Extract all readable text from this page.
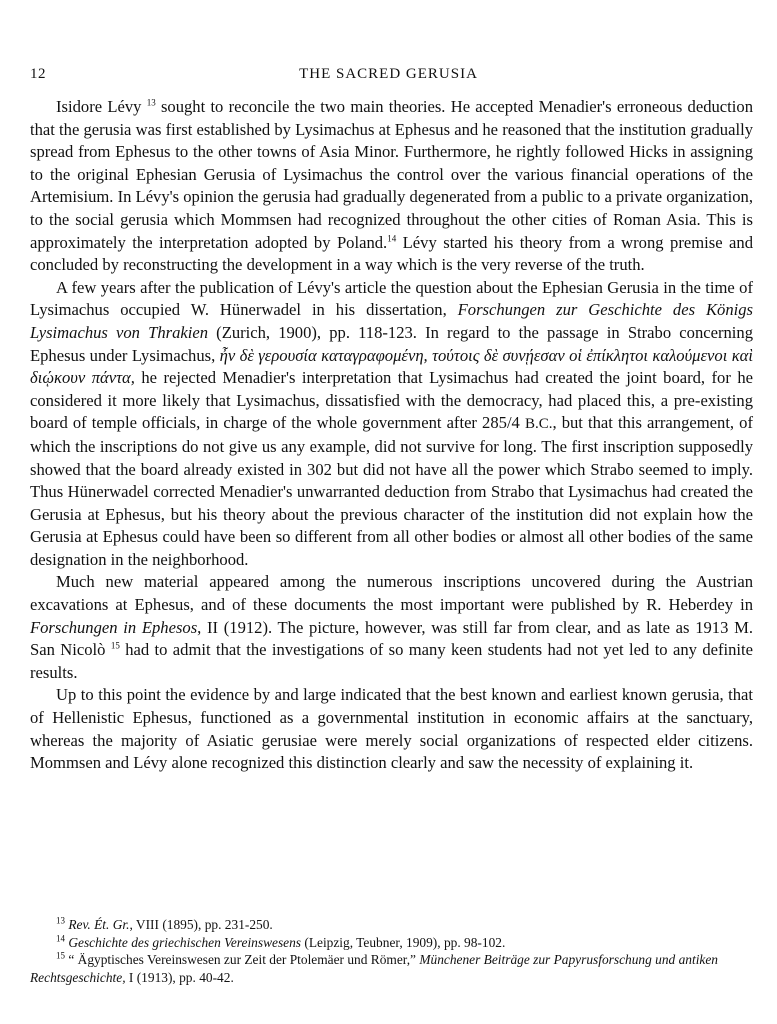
12	THE SACRED GERUSIA

Isidore Lévy $^{13}$ sought to reconcile the two main theories. He accepted Menadier's erroneous deduction that the gerusia was first established by Lysimachus at Ephesus and he reasoned that the institution gradually spread from Ephesus to the other towns of Asia Minor. Furthermore, he rightly followed Hicks in assigning to the original Ephesian Gerusia of Lysimachus the control over the various financial operations of the Artemisium. In Lévy's opinion the gerusia had gradually degenerated from a public to a private organization, to the social gerusia which Mommsen had recognized throughout the other cities of Roman Asia. This is approximately the interpretation adopted by Poland.$^{14}$ Lévy started his theory from a wrong premise and concluded by reconstructing the development in a way which is the very reverse of the truth.

A few years after the publication of Lévy's article the question about the Ephesian Gerusia in the time of Lysimachus occupied W. Hünerwadel in his dissertation, Forschungen zur Geschichte des Königs Lysimachus von Thrakien (Zurich, 1900), pp. 118-123. In regard to the passage in Strabo concerning Ephesus under Lysimachus, ἦν δὲ γερουσία καταγραφομένη, τούτοις δὲ συνῄεσαν οἱ ἐπίκλητοι καλούμενοι καὶ διῴκουν πάντα, he rejected Menadier's interpretation that Lysimachus had created the joint board, for he considered it more likely that Lysimachus, dissatisfied with the democracy, had placed this, a pre-existing board of temple officials, in charge of the whole government after 285/4 B.C., but that this arrangement, of which the inscriptions do not give us any example, did not survive for long. The first inscription supposedly showed that the board already existed in 302 but did not have all the power which Strabo seemed to imply. Thus Hünerwadel corrected Menadier's unwarranted deduction from Strabo that Lysimachus had created the Gerusia at Ephesus, but his theory about the previous character of the institution did not explain how the Gerusia at Ephesus could have been so different from all other bodies or almost all other bodies of the same designation in the neighborhood.

Much new material appeared among the numerous inscriptions uncovered during the Austrian excavations at Ephesus, and of these documents the most important were published by R. Heberdey in Forschungen in Ephesos, II (1912). The picture, however, was still far from clear, and as late as 1913 M. San Nicolò $^{15}$ had to admit that the investigations of so many keen students had not yet led to any definite results.

Up to this point the evidence by and large indicated that the best known and earliest known gerusia, that of Hellenistic Ephesus, functioned as a governmental institution in economic affairs at the sanctuary, whereas the majority of Asiatic gerusiae were merely social organizations of respected elder citizens. Mommsen and Lévy alone recognized this distinction clearly and saw the necessity of explaining it.

$^{13}$ Rev. Ét. Gr., VIII (1895), pp. 231-250.
$^{14}$ Geschichte des griechischen Vereinswesens (Leipzig, Teubner, 1909), pp. 98-102.
$^{15}$ “ Ägyptisches Vereinswesen zur Zeit der Ptolemäer und Römer,” Münchener Beiträge zur Papyrusforschung und antiken Rechtsgeschichte, I (1913), pp. 40-42.
